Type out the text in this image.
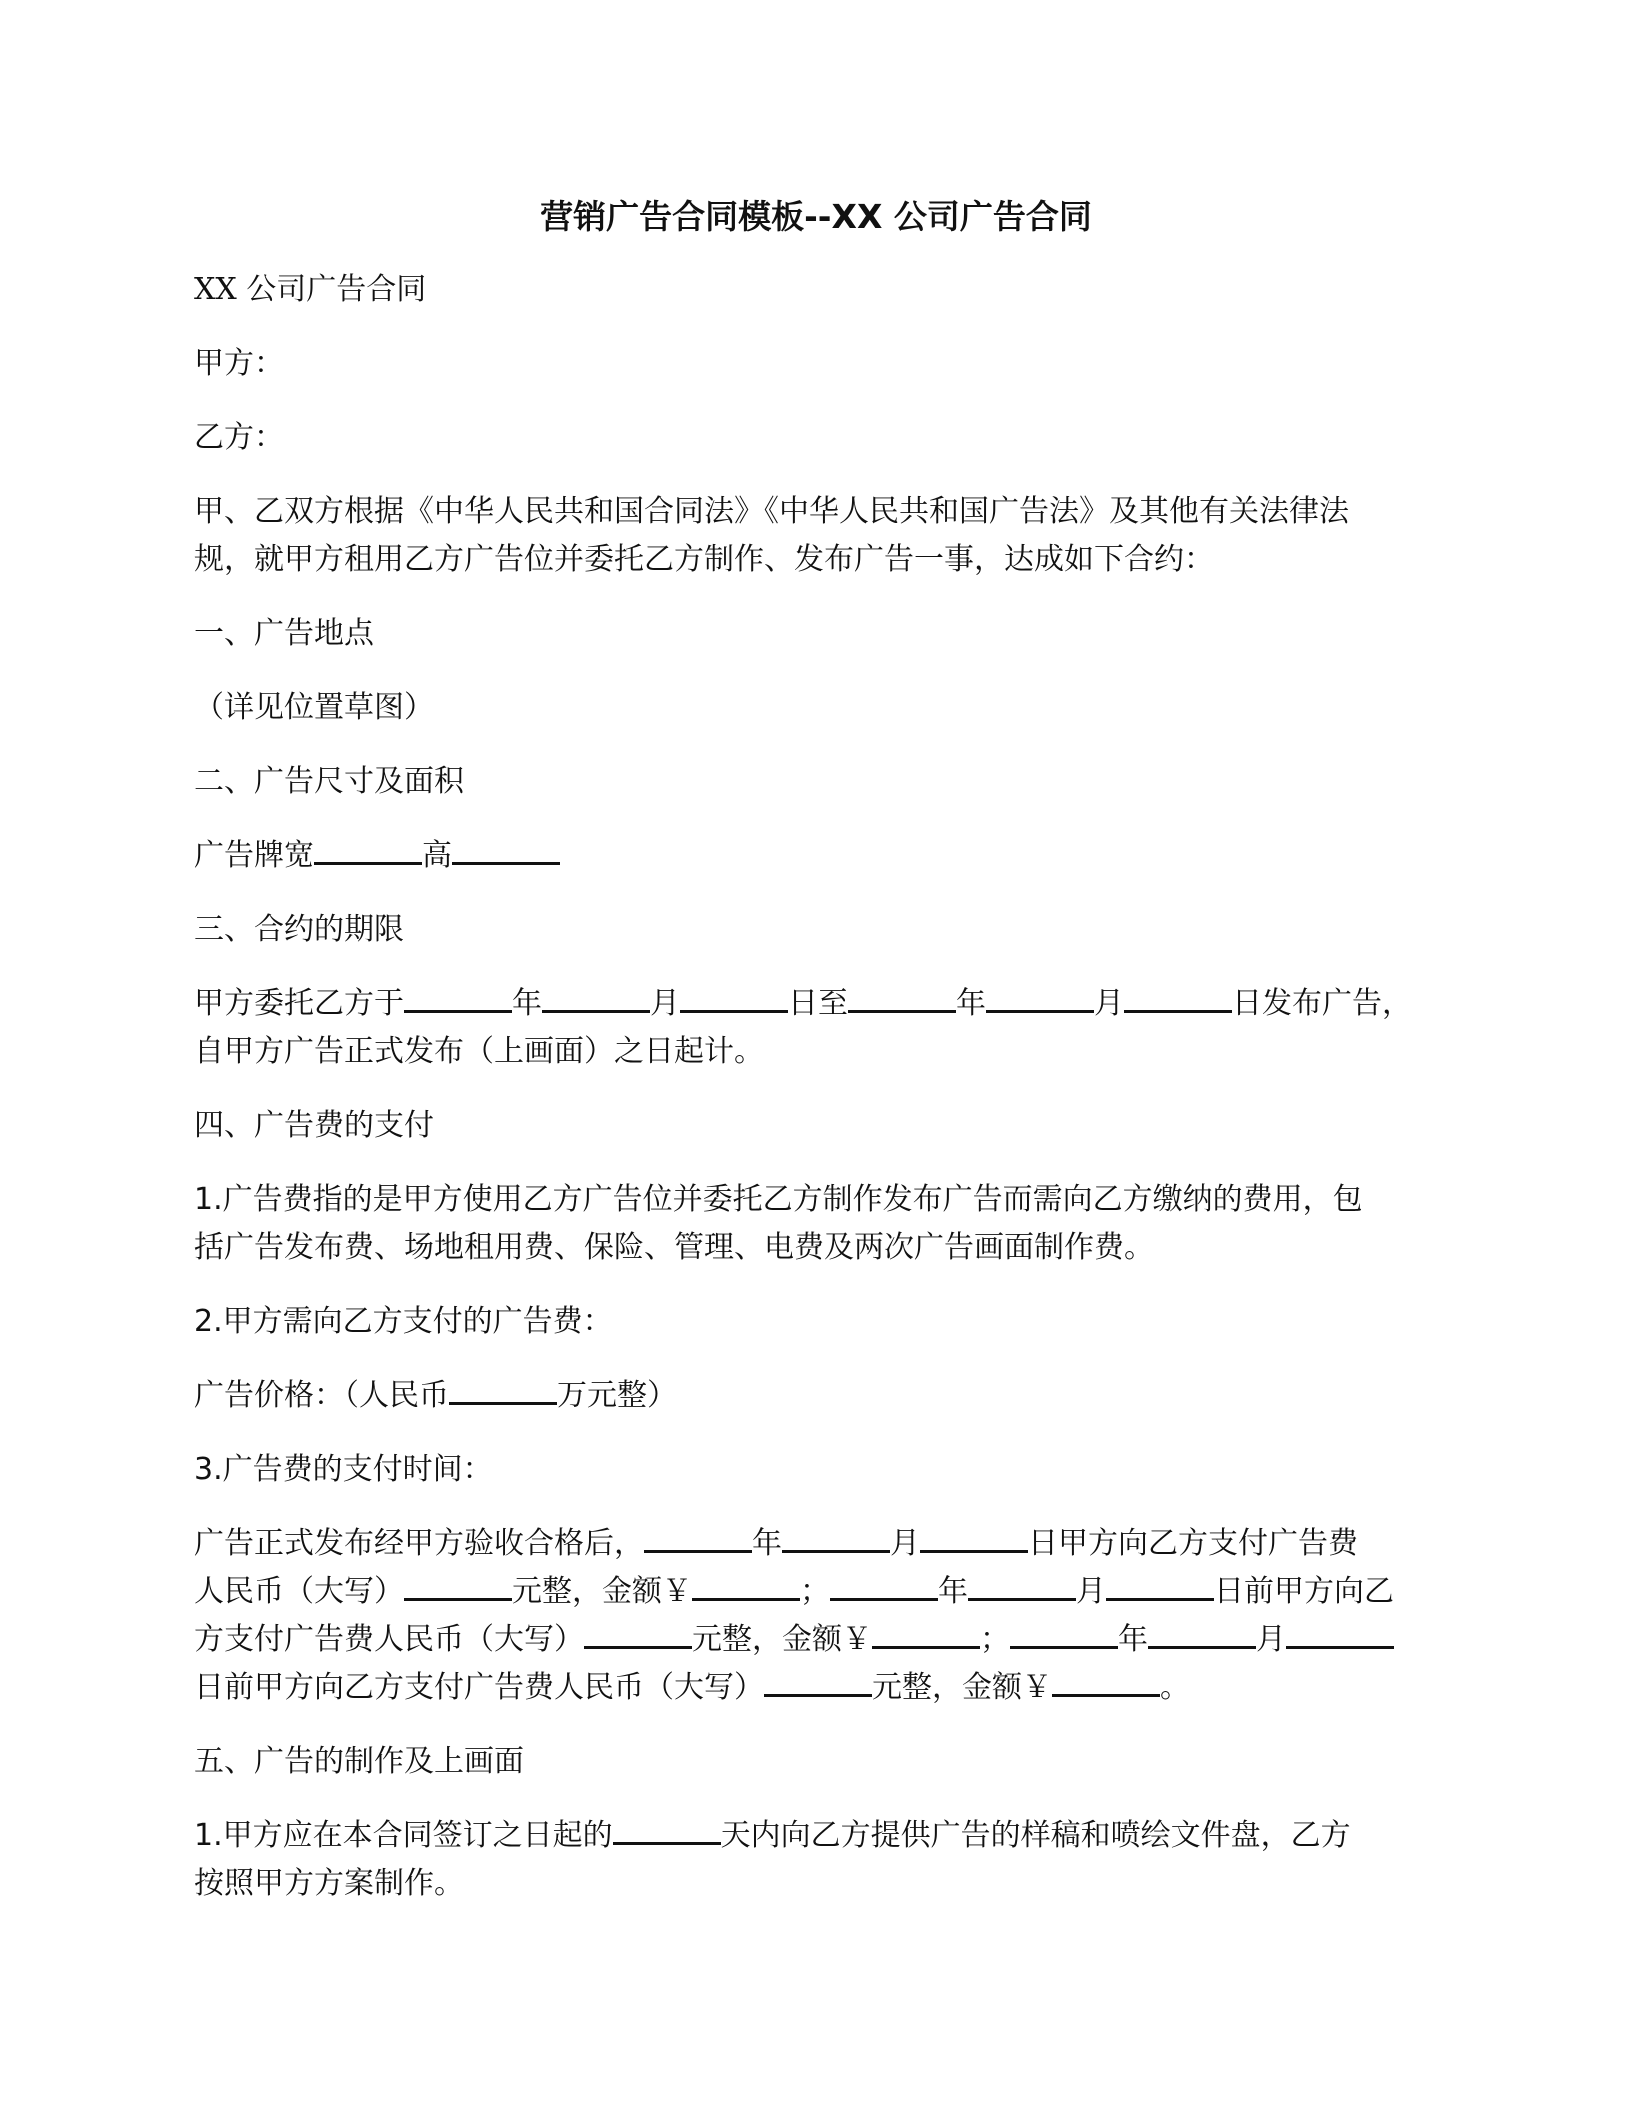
营销广告合同模板--XX 公司广告合同

XX 公司广告合同

甲方：

乙方：

甲、乙双方根据《中华人民共和国合同法》《中华人民共和国广告法》及其他有关法律法
规，就甲方租用乙方广告位并委托乙方制作、发布广告一事，达成如下合约：

一、广告地点

（详见位置草图）

二、广告尺寸及面积

广告牌宽	高

三、合约的期限

甲方委托乙方于	年	月	日至	年	月	日发布广告，
自甲方广告正式发布（上画面）之日起计。

四、广告费的支付

1.广告费指的是甲方使用乙方广告位并委托乙方制作发布广告而需向乙方缴纳的费用，包
括广告发布费、场地租用费、保险、管理、电费及两次广告画面制作费。

2.甲方需向乙方支付的广告费：

广告价格：（人民币	万元整）

3.广告费的支付时间：

广告正式发布经甲方验收合格后，	年	月	日甲方向乙方支付广告费
人民币（大写）	元整，金额￥	；	年	月	日前甲方向乙
方支付广告费人民币（大写）	元整，金额￥	；	年	月
日前甲方向乙方支付广告费人民币（大写）	元整，金额￥	。

五、广告的制作及上画面

1.甲方应在本合同签订之日起的	天内向乙方提供广告的样稿和喷绘文件盘，乙方
按照甲方方案制作。
